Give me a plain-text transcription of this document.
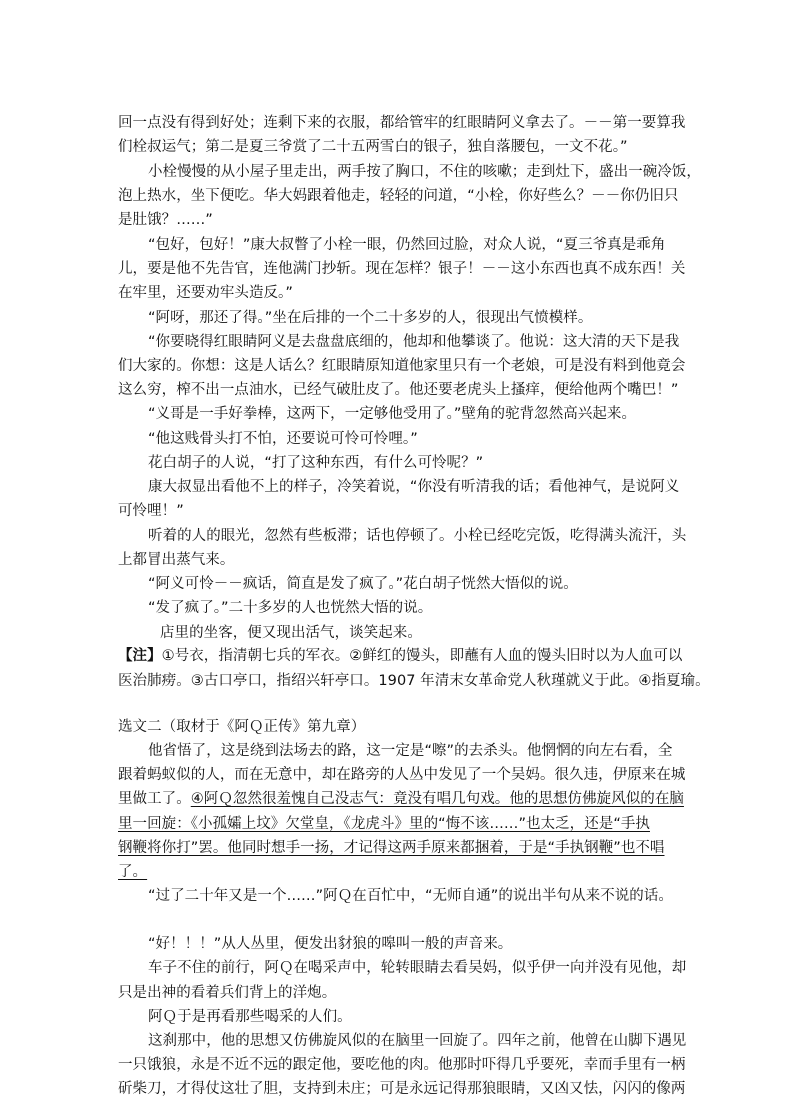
回一点没有得到好处；连剩下来的衣服，都给管牢的红眼睛阿义拿去了。－－第一要算我
们栓叔运气；第二是夏三爷赏了二十五两雪白的银子，独自落腰包，一文不花。”
小栓慢慢的从小屋子里走出，两手按了胸口，不住的咳嗽；走到灶下，盛出一碗冷饭，
泡上热水，坐下便吃。华大妈跟着他走，轻轻的问道，“小栓，你好些么？－－你仍旧只
是肚饿？……”
“包好，包好！”康大叔瞥了小栓一眼，仍然回过脸，对众人说，“夏三爷真是乖角
儿，要是他不先告官，连他满门抄斩。现在怎样？银子！－－这小东西也真不成东西！关
在牢里，还要劝牢头造反。”
“阿呀，那还了得。”坐在后排的一个二十多岁的人，很现出气愤模样。
“你要晓得红眼睛阿义是去盘盘底细的，他却和他攀谈了。他说：这大清的天下是我
们大家的。你想：这是人话么？红眼睛原知道他家里只有一个老娘，可是没有料到他竟会
这么穷，榨不出一点油水，已经气破肚皮了。他还要老虎头上搔痒，便给他两个嘴巴！”
“义哥是一手好拳棒，这两下，一定够他受用了。”壁角的驼背忽然高兴起来。
“他这贱骨头打不怕，还要说可怜可怜哩。”
花白胡子的人说，“打了这种东西，有什么可怜呢？”
康大叔显出看他不上的样子，冷笑着说，“你没有听清我的话；看他神气，是说阿义
可怜哩！”
听着的人的眼光，忽然有些板滞；话也停顿了。小栓已经吃完饭，吃得满头流汗，头
上都冒出蒸气来。
“阿义可怜－－疯话，简直是发了疯了。”花白胡子恍然大悟似的说。
“发了疯了。”二十多岁的人也恍然大悟的说。
店里的坐客，便又现出活气，谈笑起来。
【注】①号衣，指清朝七兵的军衣。②鲜红的馒头，即蘸有人血的馒头旧时以为人血可以
医治肺痨。③古口亭口，指绍兴轩亭口。1907 年清末女革命党人秋瑾就义于此。④指夏瑜。
选文二（取材于《阿Ｑ正传》第九章）
他省悟了，这是绕到法场去的路，这一定是“嚓”的去杀头。他惘惘的向左右看，全
跟着蚂蚁似的人，而在无意中，却在路旁的人丛中发见了一个吴妈。很久违，伊原来在城
里做工了。④阿Ｑ忽然很羞愧自己没志气：竟没有唱几句戏。他的思想仿佛旋风似的在脑
里一回旋：《小孤孀上坟》欠堂皇，《龙虎斗》里的“悔不该……”也太乏，还是“手执
钢鞭将你打”罢。他同时想手一扬，才记得这两手原来都捆着，于是“手执钢鞭”也不唱
了。
“过了二十年又是一个……”阿Ｑ在百忙中，“无师自通”的说出半句从来不说的话。
“好！！！”从人丛里，便发出豺狼的嗥叫一般的声音来。
车子不住的前行，阿Ｑ在喝采声中，轮转眼睛去看吴妈，似乎伊一向并没有见他，却
只是出神的看着兵们背上的洋炮。
阿Ｑ于是再看那些喝采的人们。
这刹那中，他的思想又仿佛旋风似的在脑里一回旋了。四年之前，他曾在山脚下遇见
一只饿狼，永是不近不远的跟定他，要吃他的肉。他那时吓得几乎要死，幸而手里有一柄
斫柴刀，才得仗这壮了胆，支持到未庄；可是永远记得那狼眼睛，又凶又怯，闪闪的像两
